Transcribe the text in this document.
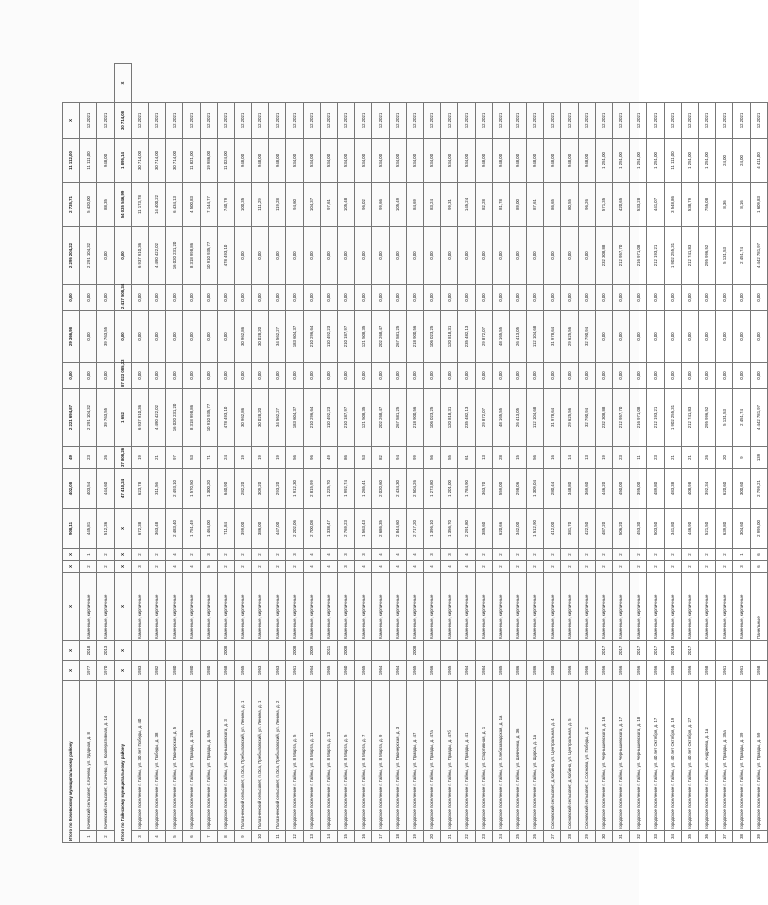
Итого по Кочевскому муниципальному району		X	X	X	X	X	908,11	402,08	49	2 221 694,87	0,00	29 366,98	0,00	2 295 204,22	2 735,71	11 112,00	X	
1	Кочевский сельсовет, с.Кочево, ул. Ударная, д. 8	1977	2018	Каменные, кирпичные	2	1	445,81	403,54	23	2 291 104,32	0,00	0,00	0,00	2 291 104,32	5 420,00	11 111,00	12.2021	
2	Кочевский сельсовет, п.Кочево, ул. Кооперативная, д. 14	1970	2013	Каменные, кирпичные	2	2	512,36	444,60	26	39 763,55	0,00	39 763,55	0,00	0,00	88,35	948,00	12.2021	
Итого по Гайнскому муниципальному району		X	X	X	X	X	X	47 410,24	37 808,26	1 652	87 023 085,33	0,00	2 417 508,34	0,00	54 035 546,99	1 895,14	30 714,08	X
3	городское поселение г. Гайны, ул. 30 лет Победы, д. 40	1983		Каменные, кирпичные	3	2	672,38	623,78	19	6 937 910,36	0,00	0,00	0,00	6 937 910,36	11 173,78	30 714,00	12.2021	
4	городское поселение г. Гайны, ул. Победы, д. 38	1982		Каменные, кирпичные	2	2	363,48	311,56	21	4 490 422,02	0,00	0,00	0,00	4 490 422,02	14 400,22	30 714,00	12.2021	
5	городское поселение г. Гайны, ул. Пионерская, д. 5	1980		Каменные, кирпичные	4	4	2 483,40	2 493,10	97	16 020 231,20	0,00	0,00	0,00	16 020 231,20	6 434,13	30 714,00	12.2021	
6	городское поселение г. Гайны, ул. Правды, д. 28а	1980		Каменные, кирпичные	4	2	1 751,49	1 570,50	53	8 318 998,86	0,00	0,00	0,00	8 318 998,86	4 500,83	11 821,00	12.2021	
7	городское поселение г. Гайны, ул. Правды, д. 56а	1980		Каменные, кирпичные	5	3	1 464,00	1 300,20	71	10 910 935,77	0,00	0,00	0,00	10 910 935,77	7 144,77	19 986,00	12.2021	
8	городское поселение г. Гайны, ул. Чернышевского, д. 3	1968	2008	Каменные, кирпичные	2	2	711,84	640,90	24	478 493,10	0,00	0,00	0,00	478 493,10	740,79	11 024,00	12.2021	
9	Полазненский сельсовет, п.Оса, Пребыловский, ул. Ленина, д. 1	1965		Каменные, кирпичные	2	2	399,00	282,20	19	30 962,86	0,00	30 962,86	0,00	0,00	100,35	948,00	12.2021	
10	Полазненский сельсовет, п.Оса, Пребыловский, ул. Ленина, д. 1	1963		Каменные, кирпичные	2	2	386,00	309,20	19	30 028,20	0,00	30 028,20	0,00	0,00	111,29	948,00	12.2021	
11	Полазненский сельсовет, п.Оса, Пребыловский, ул. Ленина, д. 2	1963		Каменные, кирпичные	2	2	447,00	293,20	19	34 562,27	0,00	34 562,27	0,00	0,00	119,28	948,00	12.2021	
12	городское поселение г. Гайны, ул. 8 Марта, д. 5	1961	2008	Каменные, кирпичные	2	3	2 202,06	1 912,30	56	183 604,37	0,00	183 604,37	0,00	0,00	94,60	534,00	12.2021	
13	городское поселение г. Гайны, ул. 8 Марта, д. 11	1964	2009	Каменные, кирпичные	4	4	2 700,08	2 815,99	96	210 296,64	0,00	210 296,64	0,00	0,00	104,37	534,00	12.2021	
14	городское поселение г. Гайны, ул. 8 Марта, д. 13	1965	2011	Каменные, кирпичные	4	4	1 338,47	1 225,70	49	110 492,23	0,00	110 492,23	0,00	0,00	97,61	534,00	12.2021	
15	городское поселение г. Гайны, ул. 8 Марта, д. 5	1960	2008	Каменные, кирпичные	3	3	2 769,23	1 992,74	86	210 187,97	0,00	210 187,97	0,00	0,00	105,48	534,00	12.2021	
16	городское поселение г. Гайны, ул. 8 Марта, д. 7	1965		Каменные, кирпичные	4	3	1 563,43	1 265,41	53	121 508,35	0,00	121 508,35	0,00	0,00	96,02	534,00	12.2021	
17	городское поселение г. Гайны, ул. 8 Марта, д. 9	1964		Каменные, кирпичные	4	4	2 686,35	2 020,60	82	202 268,47	0,00	202 268,47	0,00	0,00	99,66	534,00	12.2021	
18	городское поселение г. Гайны, ул. Пионерская, д. 3	1964		Каменные, кирпичные	4	4	2 844,60	2 434,30	94	267 581,25	0,00	267 581,25	0,00	0,00	105,49	534,00	12.2021	
19	городское поселение г. Гайны, ул. Правды, д. 47	1965	2008	Каменные, кирпичные	4	4	2 717,20	2 504,26	99	218 900,56	0,00	218 900,56	0,00	0,00	84,69	534,00	12.2021	
20	городское поселение г. Гайны, ул. Правды, д. 47а	1966		Каменные, кирпичные	4	3	1 396,10	1 273,80	56	106 023,25	0,00	106 023,25	0,00	0,00	83,24	534,00	12.2021	
21	городское поселение г. Гайны, ул. Правды, д. 47б	1965		Каменные, кирпичные	4	3	1 356,70	1 201,00	55	120 818,31	0,00	120 818,31	0,00	0,00	99,31	534,00	12.2021	
22	городское поселение г. Гайны, ул. Правды, д. 41	1964		Каменные, кирпичные	4	4	2 291,80	1 784,90	61	235 482,13	0,00	235 482,13	0,00	0,00	145,24	534,00	12.2021	
23	городское поселение г. Гайны, ул. Спортивная, д. 1	1984		Каменные, кирпичные	2	2	385,60	363,70	13	29 872,07	0,00	29 872,07	0,00	0,00	82,28	948,00	12.2021	
24	городское поселение г. Гайны, ул. Хлебозаводская, д. 1а	1985		Каменные, кирпичные	2	2	620,66	559,00	28	48 165,55	0,00	48 165,55	0,00	0,00	81,78	948,00	12.2021	
25	городское поселение г. Гайны, ул. Шевченко, д. 36	1986		Каменные, кирпичные	2	2	342,00	298,06	15	26 413,05	0,00	26 413,05	0,00	0,00	89,00	948,00	12.2021	
26	городское поселение г. Гайны, ул. Щорса, д. 1а	1986		Каменные, кирпичные	2	2	1 512,90	1 309,04	56	112 104,68	0,00	112 104,68	0,00	0,00	87,61	948,00	12.2021	
27	Сосновский сельсовет, д.Кобино, ул. Центральная, д. 4	1968		Каменные, кирпичные	2	2	412,00	280,44	16	31 978,64	0,00	31 978,64	0,00	0,00	86,65	948,00	12.2021	
28	Сосновский сельсовет, д.Кобино, ул. Центральная, д. 5	1966		Каменные, кирпичные	2	2	381,70	348,80	14	29 625,56	0,00	29 625,56	0,00	0,00	80,55	948,00	12.2021	
29	Сосновский сельсовет, с.Сосново, ул. Победы, д. 2	1966		Каменные, кирпичные	2	2	422,50	369,60	13	32 790,94	0,00	32 790,94	0,00	0,00	96,26	948,00	12.2021	
30	городское поселение г. Гайны, ул. Чернышевского, д. 16	1956	2017	Каменные, кирпичные	2	2	487,20	446,20	19	232 308,88	0,00	0,00	0,00	232 308,88	571,35	1 251,00	12.2021	
31	городское поселение г. Гайны, ул. Чернышевского, д. 17	1956	2017	Каменные, кирпичные	2	2	506,20	450,00	23	212 957,70	0,00	0,00	0,00	212 957,70	420,65	1 251,00	12.2021	
32	городское поселение г. Гайны, ул. Чернышевского, д. 18	1956	2017	Каменные, кирпичные	2	2	453,30	395,00	11	216 971,08	0,00	0,00	0,00	216 971,08	533,28	1 251,00	12.2021	
33	городское поселение г. Гайны, ул. 40 лет Октября, д. 17	1956	2017	Каменные, кирпичные	2	2	503,50	489,80	23	212 193,21	0,00	0,00	0,00	212 193,21	441,07	1 251,00	12.2021	
34	городское поселение г. Гайны, ул. 40 лет Октября, д. 19	1956	2018	Каменные, кирпичные	2	2	341,80	483,38	21	1 902 255,31	0,00	0,00	0,00	1 902 255,31	3 548,86	11 111,00	12.2021	
35	городское поселение г. Гайны, ул. 40 лет Октября, д. 27	1956	2017	Каменные, кирпичные	2	2	446,90	408,98	21	212 741,83	0,00	0,00	0,00	212 741,83	538,79	1 251,00	12.2021	
36	городское поселение г. Гайны, ул. Андреева, д. 1а	1958		Каменные, кирпичные	2	2	521,50	392,34	26	295 996,52	0,00	0,00	0,00	295 996,52	755,08	1 251,00	12.2021	
37	городское поселение г. Гайны, ул. Правды, д. 35а	1961		Каменные, кирпичные	2	2	639,80	620,60	20	5 131,53	0,00	0,00	0,00	5 131,53	8,36	24,00	12.2021	
38	городское поселение г. Гайны, ул. Правды, д. 39	1961		Каменные, кирпичные	3	1	304,60	300,60	9	2 451,74	0,00	0,00	0,00	2 451,74	8,16	24,00	12.2021	
39	городское поселение г. Гайны, ул. Правды, д. 59	1958		Панельные	6	6	2 995,00	2 799,21	139	4 442 781,97	0,00	0,00	0,00	4 442 781,97	1 609,83	4 411,00	12.2021	
